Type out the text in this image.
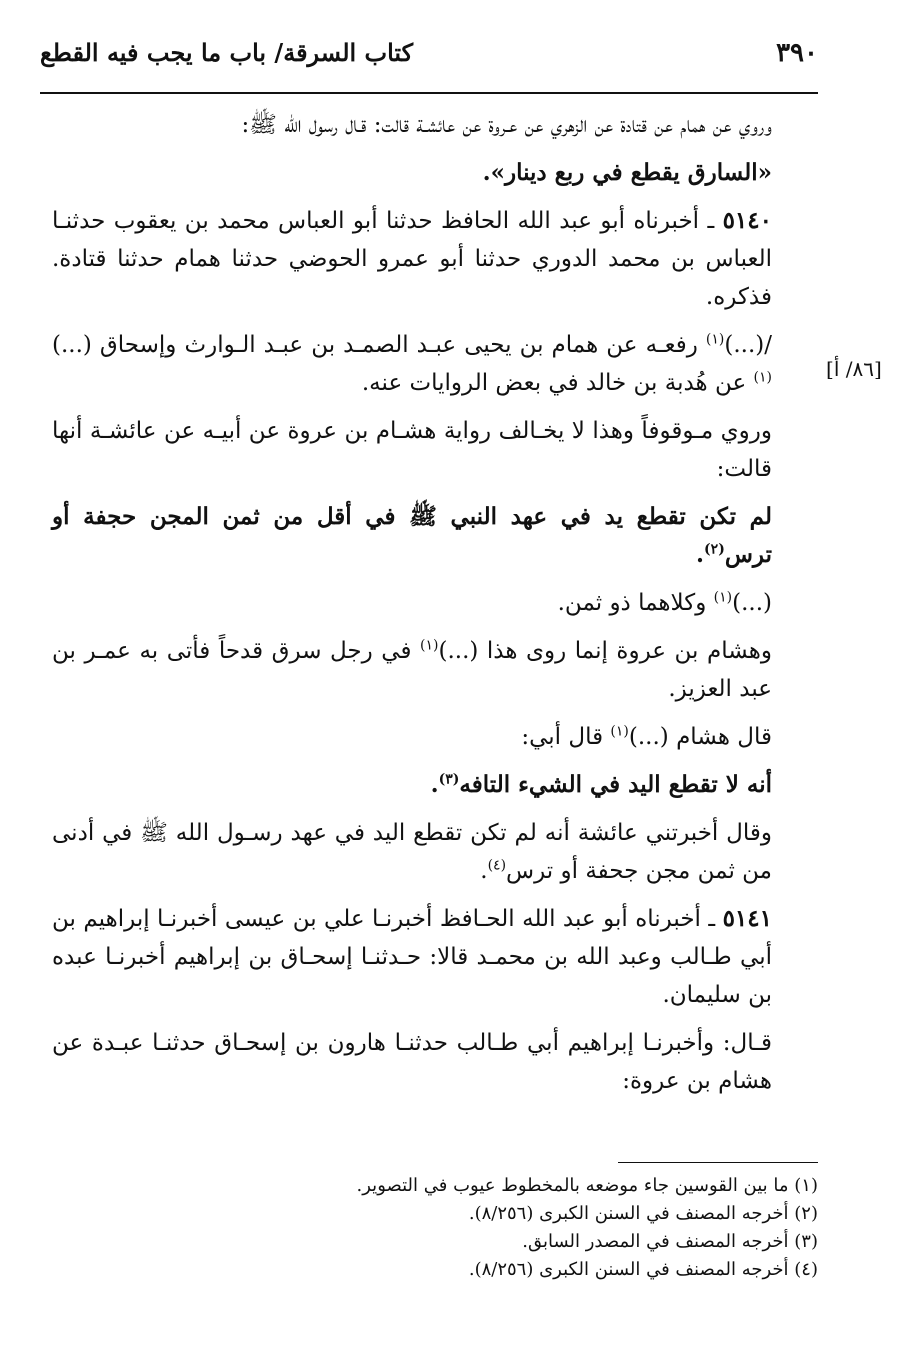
٣٩٠
كتاب السرقة/ باب ما يجب فيه القطع
[٨٦/ أ]

وروي عن همام عن قتادة عن الزهري عن عـروة عن عائشـة قالت: قـال رسول الله ﷺ:

«السارق يقطع في ربع دينار».

٥١٤٠ ـ أخبرناه أبو عبد الله الحافظ حدثنا أبو العباس محمد بن يعقوب حدثنـا العباس بن محمد الدوري حدثنا أبو عمرو الحوضي حدثنا همام حدثنا قتادة. فذكره.

/(...)$^{(١)}$ رفعـه عن همام بن يحيى عبـد الصمـد بن عبـد الـوارث وإسحاق (...)$^{(١)}$ عن هُدبة بن خالد في بعض الروايات عنه.

وروي مـوقوفاً وهذا لا يخـالف رواية هشـام بن عروة عن أبيـه عن عائشـة أنها قالت:

لم تكن تقطع يد في عهد النبي ﷺ في أقل من ثمن المجن حجفة أو ترس$^{(٢)}$.

(...)$^{(١)}$ وكلاهما ذو ثمن.

وهشام بن عروة إنما روى هذا (...)$^{(١)}$ في رجل سرق قدحاً فأتى به عمـر بن عبد العزيز.

قال هشام (...)$^{(١)}$ قال أبي:

أنه لا تقطع اليد في الشيء التافه$^{(٣)}$.

وقال أخبرتني عائشة أنه لم تكن تقطع اليد في عهد رسـول الله ﷺ في أدنى من ثمن مجن جحفة أو ترس$^{(٤)}$.

٥١٤١ ـ أخبرناه أبو عبد الله الحـافظ أخبرنـا علي بن عيسى أخبرنـا إبراهيم بن أبي طـالب وعبد الله بن محمـد قالا: حـدثنـا إسحـاق بن إبراهيم أخبرنـا عبده بن سليمان.

قـال: وأخبرنـا إبراهيم أبي طـالب حدثنـا هارون بن إسحـاق حدثنـا عبـدة عن هشام بن عروة:

(١) ما بين القوسين جاء موضعه بالمخطوط عيوب في التصوير.
(٢) أخرجه المصنف في السنن الكبرى (٨/٢٥٦).
(٣) أخرجه المصنف في المصدر السابق.
(٤) أخرجه المصنف في السنن الكبرى (٨/٢٥٦).
